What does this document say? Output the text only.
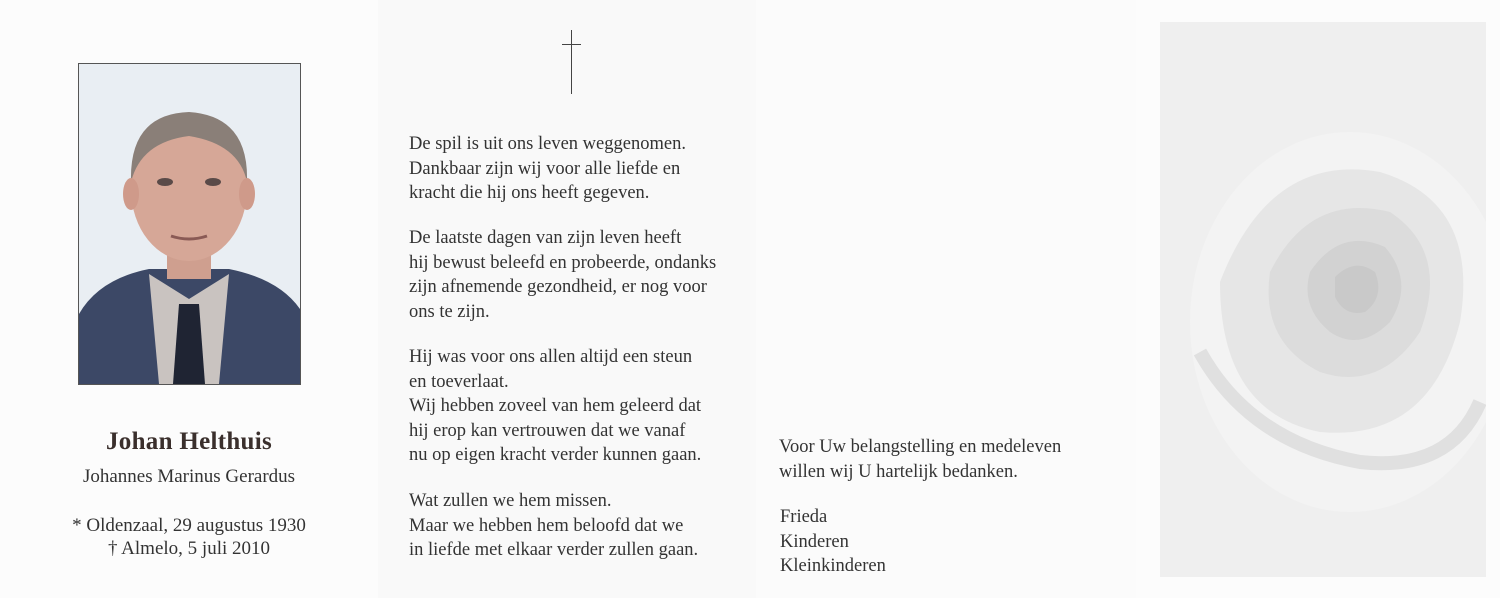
Johan Helthuis
Johannes Marinus Gerardus
* Oldenzaal, 29 augustus 1930
† Almelo, 5 juli 2010
De spil is uit ons leven weggenomen.
Dankbaar zijn wij voor alle liefde en
kracht die hij ons heeft gegeven.
De laatste dagen van zijn leven heeft
hij bewust beleefd en probeerde, ondanks
zijn afnemende gezondheid, er nog voor
ons te zijn.
Hij was voor ons allen altijd een steun
en toeverlaat.
Wij hebben zoveel van hem geleerd dat
hij erop kan vertrouwen dat we vanaf
nu op eigen kracht verder kunnen gaan.
Wat zullen we hem missen.
Maar we hebben hem beloofd dat we
in liefde met elkaar verder zullen gaan.
Voor Uw belangstelling en medeleven
willen wij U hartelijk bedanken.
Frieda
Kinderen
Kleinkinderen
